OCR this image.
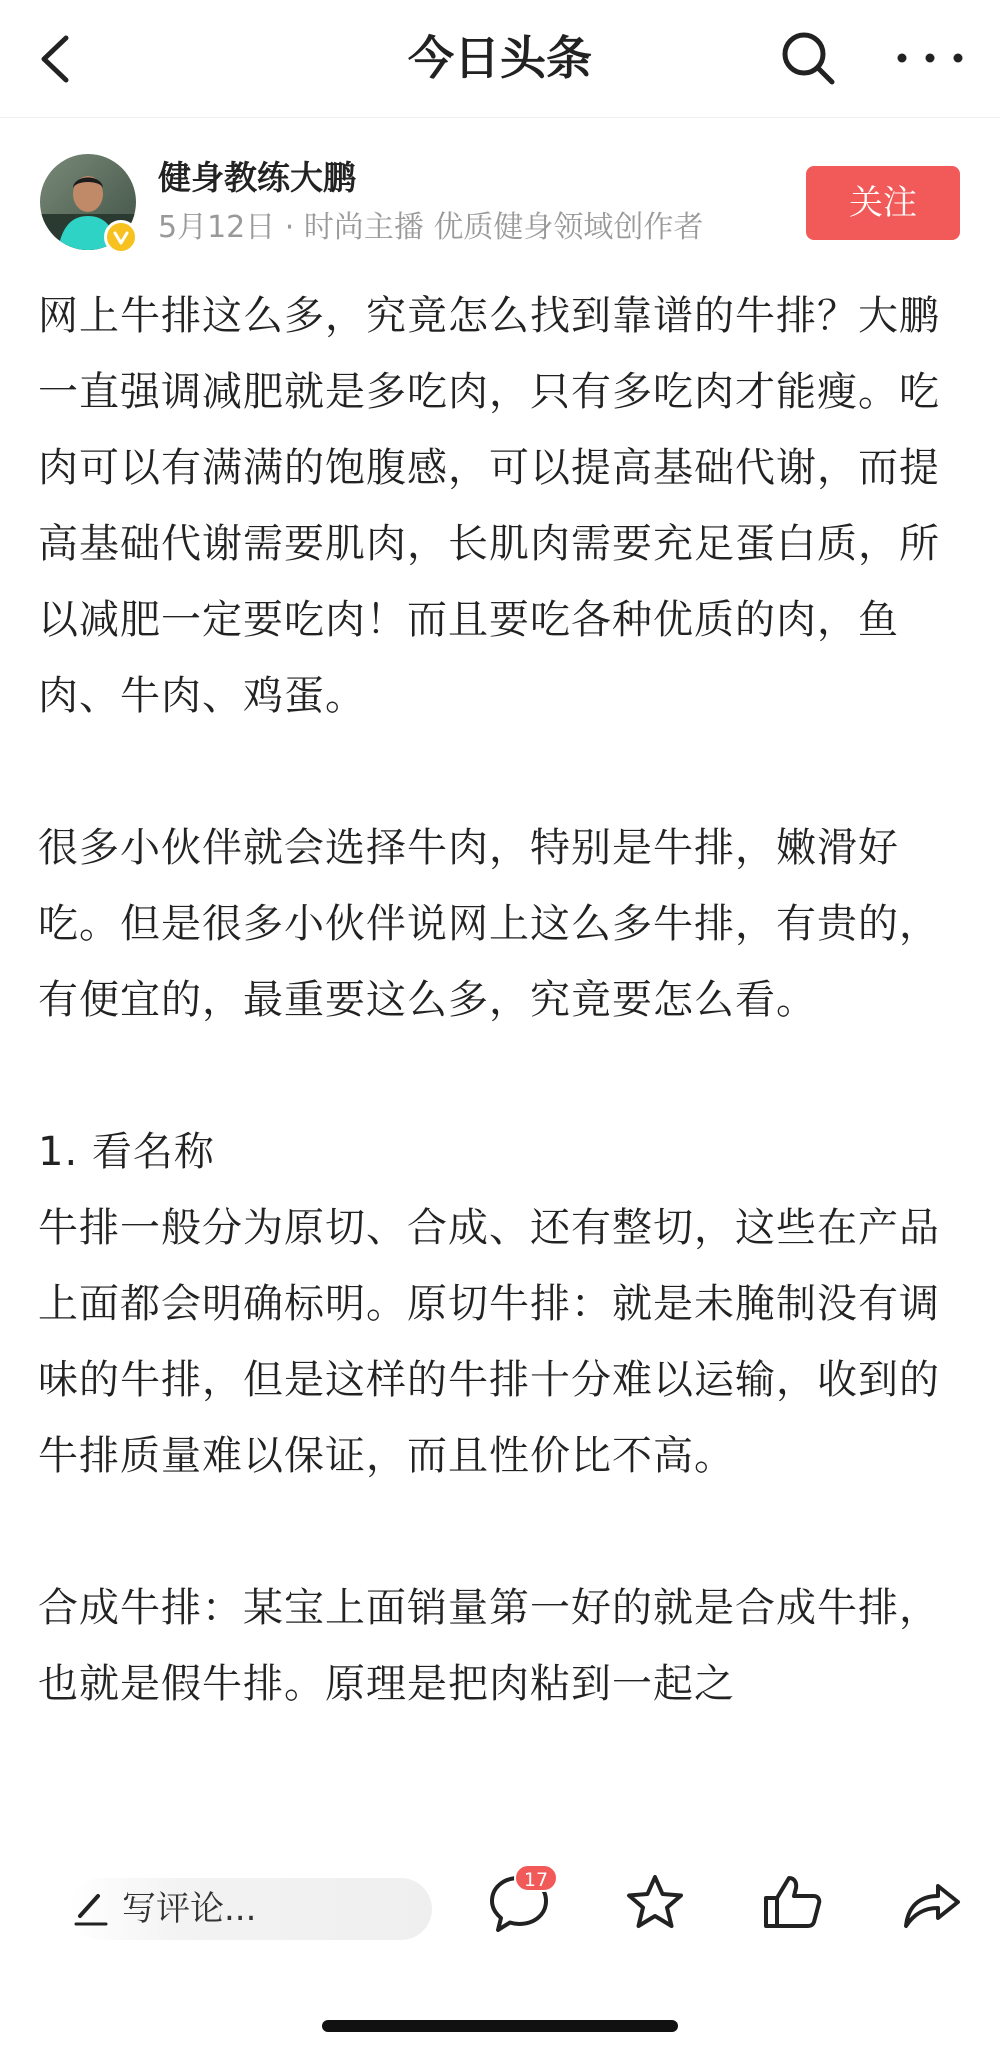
今日头条
健身教练大鹏
5月12日 · 时尚主播 优质健身领域创作者
关注

网上牛排这么多，究竟怎么找到靠谱的牛排？大鹏一直强调减肥就是多吃肉，只有多吃肉才能瘦。吃肉可以有满满的饱腹感，可以提高基础代谢，而提高基础代谢需要肌肉，长肌肉需要充足蛋白质，所以减肥一定要吃肉！而且要吃各种优质的肉，鱼肉、牛肉、鸡蛋。

很多小伙伴就会选择牛肉，特别是牛排，嫩滑好吃。但是很多小伙伴说网上这么多牛排，有贵的，有便宜的，最重要这么多，究竟要怎么看。

1. 看名称

牛排一般分为原切、合成、还有整切，这些在产品上面都会明确标明。原切牛排：就是未腌制没有调味的牛排，但是这样的牛排十分难以运输，收到的牛排质量难以保证，而且性价比不高。

合成牛排：某宝上面销量第一好的就是合成牛排，也就是假牛排。原理是把肉粘到一起之

写评论...
17
